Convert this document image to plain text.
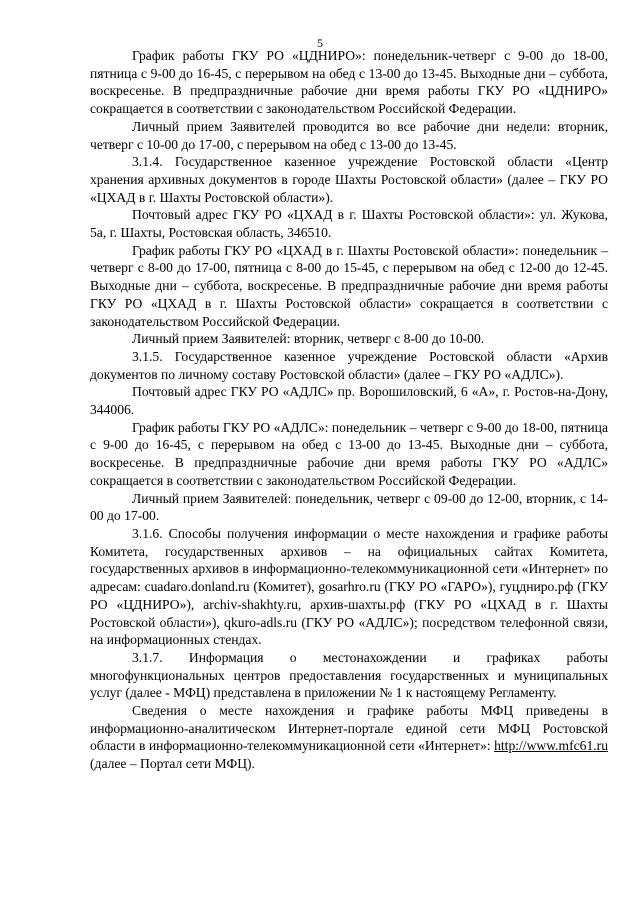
5

График работы ГКУ РО «ЦДНИРО»: понедельник-четверг с 9-00 до 18-00, пятница с 9-00 до 16-45, с перерывом на обед с 13-00 до 13-45. Выходные дни – суббота, воскресенье. В предпраздничные рабочие дни время работы ГКУ РО «ЦДНИРО» сокращается в соответствии с законодательством Российской Федерации.

Личный прием Заявителей проводится во все рабочие дни недели: вторник, четверг с 10-00 до 17-00, с перерывом на обед с 13-00 до 13-45.

3.1.4. Государственное казенное учреждение Ростовской области «Центр хранения архивных документов в городе Шахты Ростовской области» (далее – ГКУ РО «ЦХАД в г. Шахты Ростовской области»).

Почтовый адрес ГКУ РО «ЦХАД в г. Шахты Ростовской области»: ул. Жукова, 5а, г. Шахты, Ростовская область, 346510.

График работы ГКУ РО «ЦХАД в г. Шахты Ростовской области»: понедельник – четверг с 8-00 до 17-00, пятница с 8-00 до 15-45, с перерывом на обед с 12-00 до 12-45. Выходные дни – суббота, воскресенье. В предпраздничные рабочие дни время работы ГКУ РО «ЦХАД в г. Шахты Ростовской области» сокращается в соответствии с законодательством Российской Федерации.

Личный прием Заявителей: вторник, четверг с 8-00 до 10-00.

3.1.5. Государственное казенное учреждение Ростовской области «Архив документов по личному составу Ростовской области» (далее – ГКУ РО «АДЛС»).

Почтовый адрес ГКУ РО «АДЛС» пр. Ворошиловский, 6 «А», г. Ростов-на-Дону, 344006.

График работы ГКУ РО «АДЛС»: понедельник – четверг с 9-00 до 18-00, пятница с 9-00 до 16-45, с перерывом на обед с 13-00 до 13-45. Выходные дни – суббота, воскресенье. В предпраздничные рабочие дни время работы ГКУ РО «АДЛС» сокращается в соответствии с законодательством Российской Федерации.

Личный прием Заявителей: понедельник, четверг с 09-00 до 12-00, вторник, с 14-00 до 17-00.

3.1.6. Способы получения информации о месте нахождения и графике работы Комитета, государственных архивов – на официальных сайтах Комитета, государственных архивов в информационно-телекоммуникационной сети «Интернет» по адресам: cuadaro.donland.ru (Комитет), gosarhro.ru (ГКУ РО «ГАРО»), гуцдниро.рф (ГКУ РО «ЦДНИРО»), archiv-shakhty.ru, архив-шахты.рф (ГКУ РО «ЦХАД в г. Шахты Ростовской области»), qkuro-adls.ru (ГКУ РО «АДЛС»); посредством телефонной связи, на информационных стендах.

3.1.7. Информация о местонахождении и графиках работы многофункциональных центров предоставления государственных и муниципальных услуг (далее - МФЦ) представлена в приложении № 1 к настоящему Регламенту.

Сведения о месте нахождения и графике работы МФЦ приведены в информационно-аналитическом Интернет-портале единой сети МФЦ Ростовской области в информационно-телекоммуникационной сети «Интернет»: http://www.mfc61.ru (далее – Портал сети МФЦ).
